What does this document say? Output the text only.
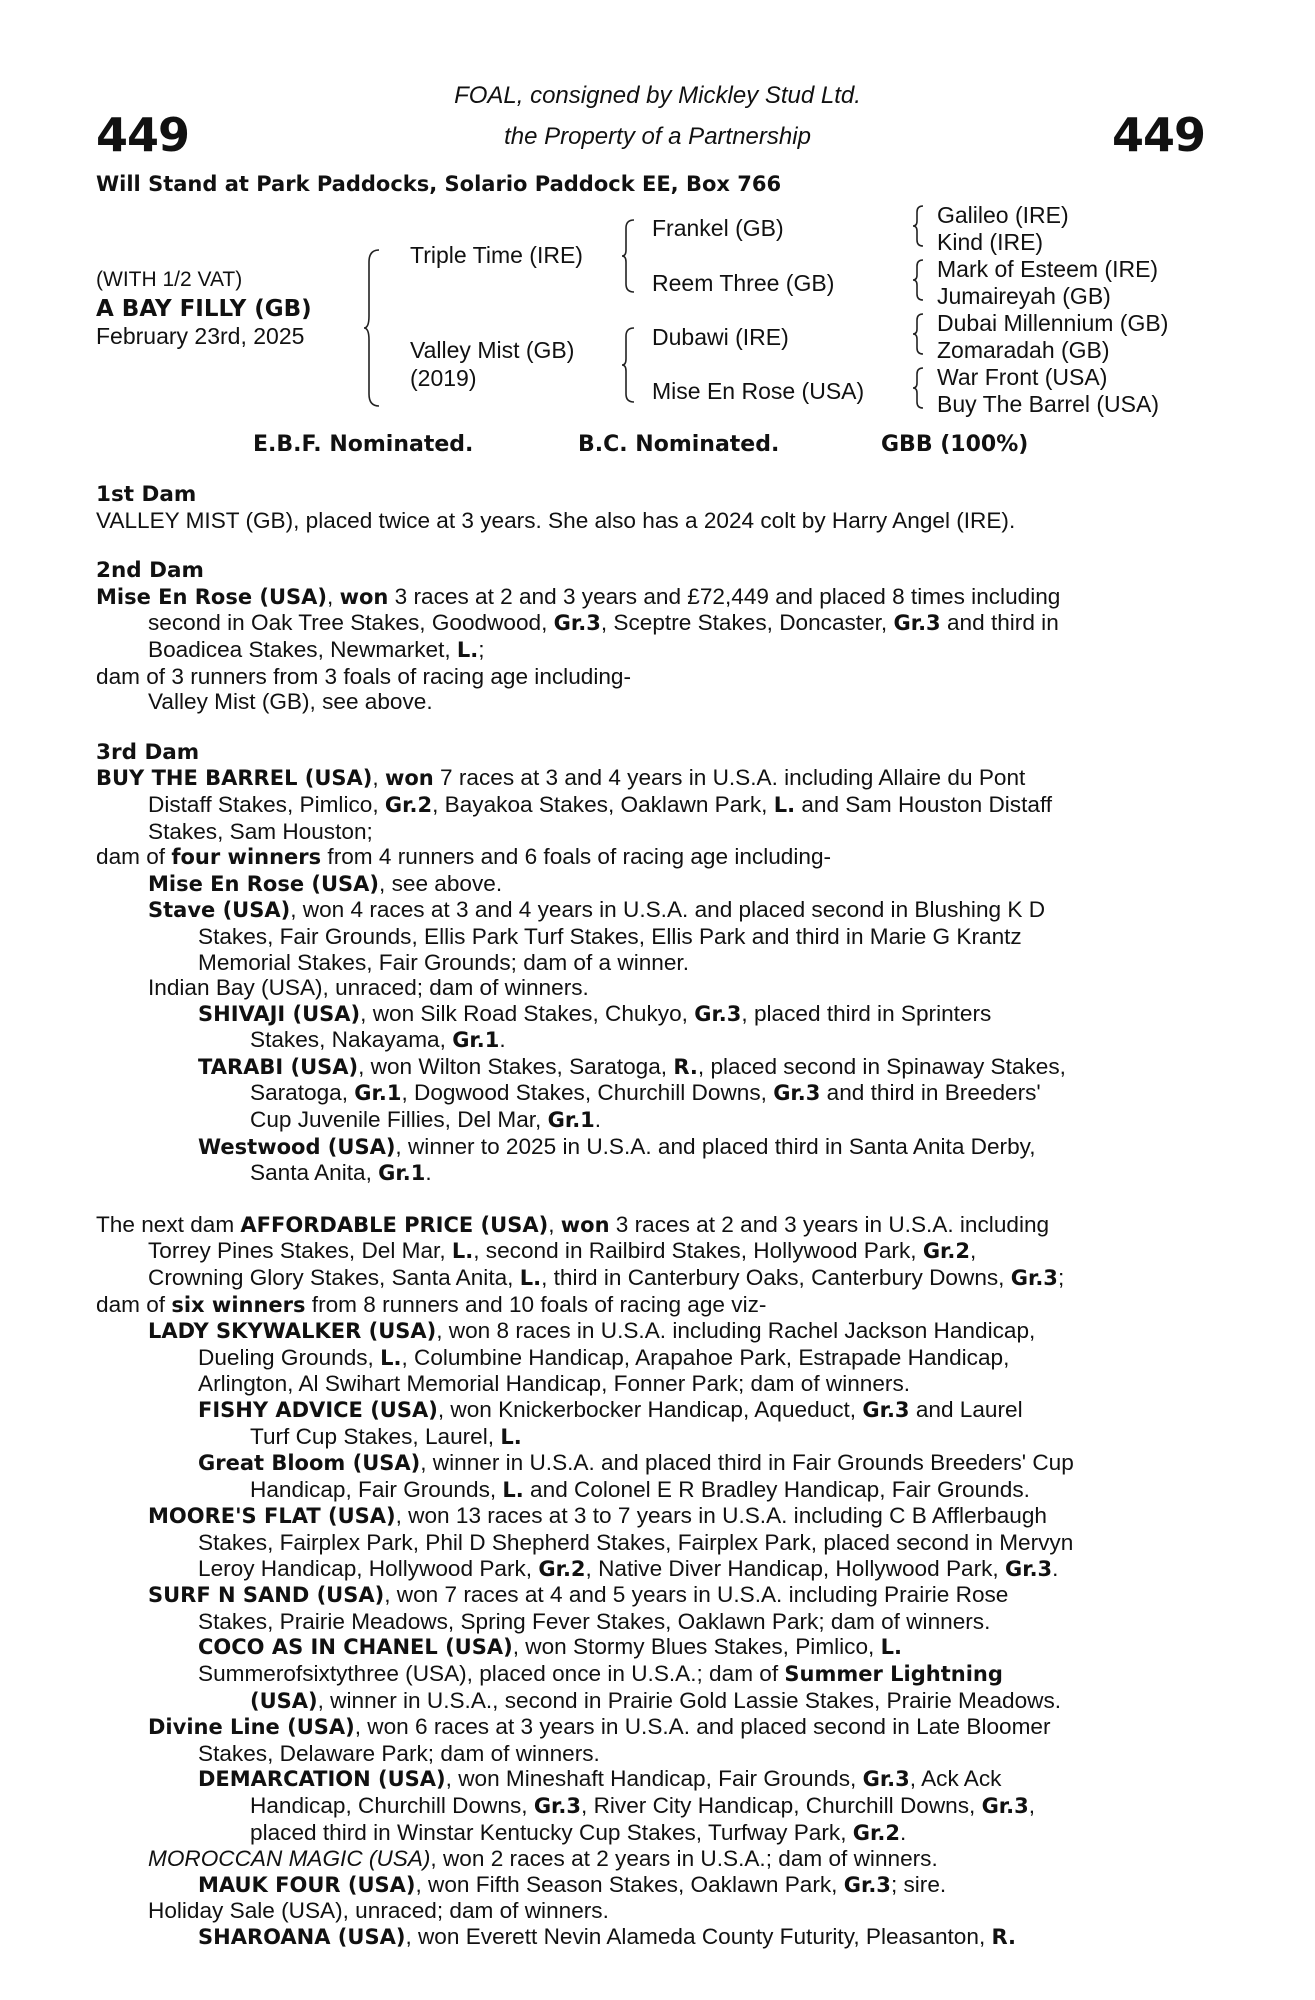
449	449
FOAL, consigned by Mickley Stud Ltd.
the Property of a Partnership
Will Stand at Park Paddocks, Solario Paddock EE, Box 766
(WITH 1/2 VAT)
A BAY FILLY (GB)
February 23rd, 2025
Triple Time (IRE)
Valley Mist (GB)
(2019)
Frankel (GB)
Reem Three (GB)
Dubawi (IRE)
Mise En Rose (USA)
Galileo (IRE)
Kind (IRE)
Mark of Esteem (IRE)
Jumaireyah (GB)
Dubai Millennium (GB)
Zomaradah (GB)
War Front (USA)
Buy The Barrel (USA)
E.B.F. Nominated.	B.C. Nominated.	GBB (100%)
1st Dam
VALLEY MIST (GB), placed twice at 3 years. She also has a 2024 colt by Harry Angel (IRE).
2nd Dam
Mise En Rose (USA), won 3 races at 2 and 3 years and £72,449 and placed 8 times including
second in Oak Tree Stakes, Goodwood, Gr.3, Sceptre Stakes, Doncaster, Gr.3 and third in
Boadicea Stakes, Newmarket, L.;
dam of 3 runners from 3 foals of racing age including-
Valley Mist (GB), see above.
3rd Dam
BUY THE BARREL (USA), won 7 races at 3 and 4 years in U.S.A. including Allaire du Pont
Distaff Stakes, Pimlico, Gr.2, Bayakoa Stakes, Oaklawn Park, L. and Sam Houston Distaff
Stakes, Sam Houston;
dam of four winners from 4 runners and 6 foals of racing age including-
Mise En Rose (USA), see above.
Stave (USA), won 4 races at 3 and 4 years in U.S.A. and placed second in Blushing K D
Stakes, Fair Grounds, Ellis Park Turf Stakes, Ellis Park and third in Marie G Krantz
Memorial Stakes, Fair Grounds; dam of a winner.
Indian Bay (USA), unraced; dam of winners.
SHIVAJI (USA), won Silk Road Stakes, Chukyo, Gr.3, placed third in Sprinters
Stakes, Nakayama, Gr.1.
TARABI (USA), won Wilton Stakes, Saratoga, R., placed second in Spinaway Stakes,
Saratoga, Gr.1, Dogwood Stakes, Churchill Downs, Gr.3 and third in Breeders'
Cup Juvenile Fillies, Del Mar, Gr.1.
Westwood (USA), winner to 2025 in U.S.A. and placed third in Santa Anita Derby,
Santa Anita, Gr.1.
The next dam AFFORDABLE PRICE (USA), won 3 races at 2 and 3 years in U.S.A. including
Torrey Pines Stakes, Del Mar, L., second in Railbird Stakes, Hollywood Park, Gr.2,
Crowning Glory Stakes, Santa Anita, L., third in Canterbury Oaks, Canterbury Downs, Gr.3;
dam of six winners from 8 runners and 10 foals of racing age viz-
LADY SKYWALKER (USA), won 8 races in U.S.A. including Rachel Jackson Handicap,
Dueling Grounds, L., Columbine Handicap, Arapahoe Park, Estrapade Handicap,
Arlington, Al Swihart Memorial Handicap, Fonner Park; dam of winners.
FISHY ADVICE (USA), won Knickerbocker Handicap, Aqueduct, Gr.3 and Laurel
Turf Cup Stakes, Laurel, L.
Great Bloom (USA), winner in U.S.A. and placed third in Fair Grounds Breeders' Cup
Handicap, Fair Grounds, L. and Colonel E R Bradley Handicap, Fair Grounds.
MOORE'S FLAT (USA), won 13 races at 3 to 7 years in U.S.A. including C B Afflerbaugh
Stakes, Fairplex Park, Phil D Shepherd Stakes, Fairplex Park, placed second in Mervyn
Leroy Handicap, Hollywood Park, Gr.2, Native Diver Handicap, Hollywood Park, Gr.3.
SURF N SAND (USA), won 7 races at 4 and 5 years in U.S.A. including Prairie Rose
Stakes, Prairie Meadows, Spring Fever Stakes, Oaklawn Park; dam of winners.
COCO AS IN CHANEL (USA), won Stormy Blues Stakes, Pimlico, L.
Summerofsixtythree (USA), placed once in U.S.A.; dam of Summer Lightning
(USA), winner in U.S.A., second in Prairie Gold Lassie Stakes, Prairie Meadows.
Divine Line (USA), won 6 races at 3 years in U.S.A. and placed second in Late Bloomer
Stakes, Delaware Park; dam of winners.
DEMARCATION (USA), won Mineshaft Handicap, Fair Grounds, Gr.3, Ack Ack
Handicap, Churchill Downs, Gr.3, River City Handicap, Churchill Downs, Gr.3,
placed third in Winstar Kentucky Cup Stakes, Turfway Park, Gr.2.
MOROCCAN MAGIC (USA), won 2 races at 2 years in U.S.A.; dam of winners.
MAUK FOUR (USA), won Fifth Season Stakes, Oaklawn Park, Gr.3; sire.
Holiday Sale (USA), unraced; dam of winners.
SHAROANA (USA), won Everett Nevin Alameda County Futurity, Pleasanton, R.
